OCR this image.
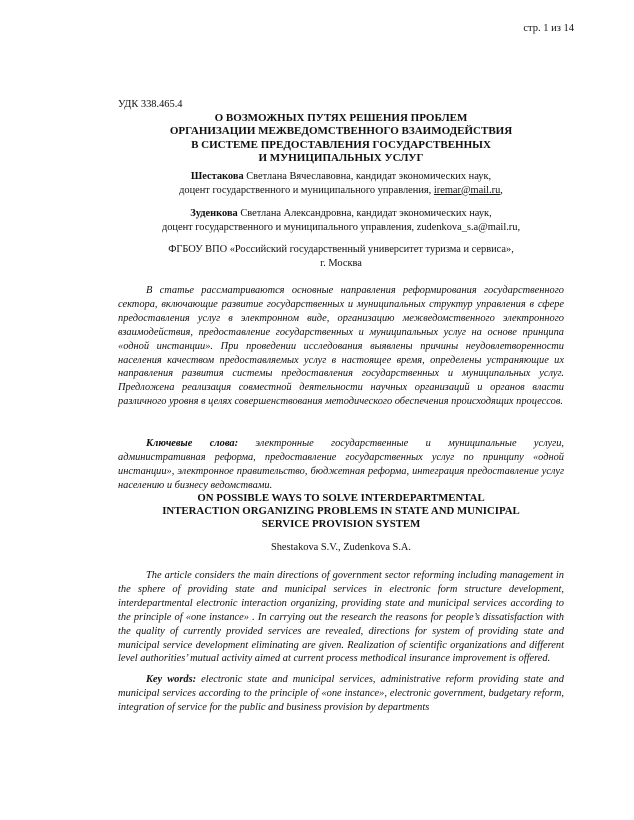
стр. 1 из 14
УДК 338.465.4
О ВОЗМОЖНЫХ ПУТЯХ РЕШЕНИЯ ПРОБЛЕМ
ОРГАНИЗАЦИИ МЕЖВЕДОМСТВЕННОГО ВЗАИМОДЕЙСТВИЯ
В СИСТЕМЕ ПРЕДОСТАВЛЕНИЯ ГОСУДАРСТВЕННЫХ
И МУНИЦИПАЛЬНЫХ УСЛУГ
Шестакова Светлана Вячеславовна, кандидат экономических наук,
доцент государственного и муниципального управления, iremar@mail.ru,
Зуденкова Светлана Александровна, кандидат экономических наук,
доцент государственного и муниципального управления, zudenkova_s.a@mail.ru,
ФГБОУ ВПО «Российский государственный университет туризма и сервиса»,
г. Москва
В статье рассматриваются основные направления реформирования государственного сектора, включающие развитие государственных и муниципальных структур управления в сфере предоставления услуг в электронном виде, организацию межведомственного электронного взаимодействия, предоставление государственных и муниципальных услуг на основе принципа «одной инстанции». При проведении исследования выявлены причины неудовлетворенности населения качеством предоставляемых услуг в настоящее время, определены устраняющие их направления развития системы предоставления государственных и муниципальных услуг. Предложена реализация совместной деятельности научных организаций и органов власти различного уровня в целях совершенствования методического обеспечения происходящих процессов.
Ключевые слова: электронные государственные и муниципальные услуги, административная реформа, предоставление государственных услуг по принципу «одной инстанции», электронное правительство, бюджетная реформа, интеграция предоставление услуг населению и бизнесу ведомствами.
ON POSSIBLE WAYS TO SOLVE INTERDEPARTMENTAL
INTERACTION ORGANIZING PROBLEMS IN STATE AND MUNICIPAL
SERVICE PROVISION SYSTEM
Shestakova S.V., Zudenkova S.A.
The article considers the main directions of government sector reforming including management in the sphere of providing state and municipal services in electronic form structure development, interdepartmental electronic interaction organizing, providing state and municipal services according to the principle of «one instance» . In carrying out the research the reasons for people’s dissatisfaction with the quality of currently provided services are revealed, directions for system of providing state and municipal service development eliminating are given. Realization of scientific organizations and different level authorities’ mutual activity aimed at current process methodical insurance improvement is offered.
Key words: electronic state and municipal services, administrative reform providing state and municipal services according to the principle of «one instance», electronic government, budgetary reform, integration of service for the public and business provision by departments
